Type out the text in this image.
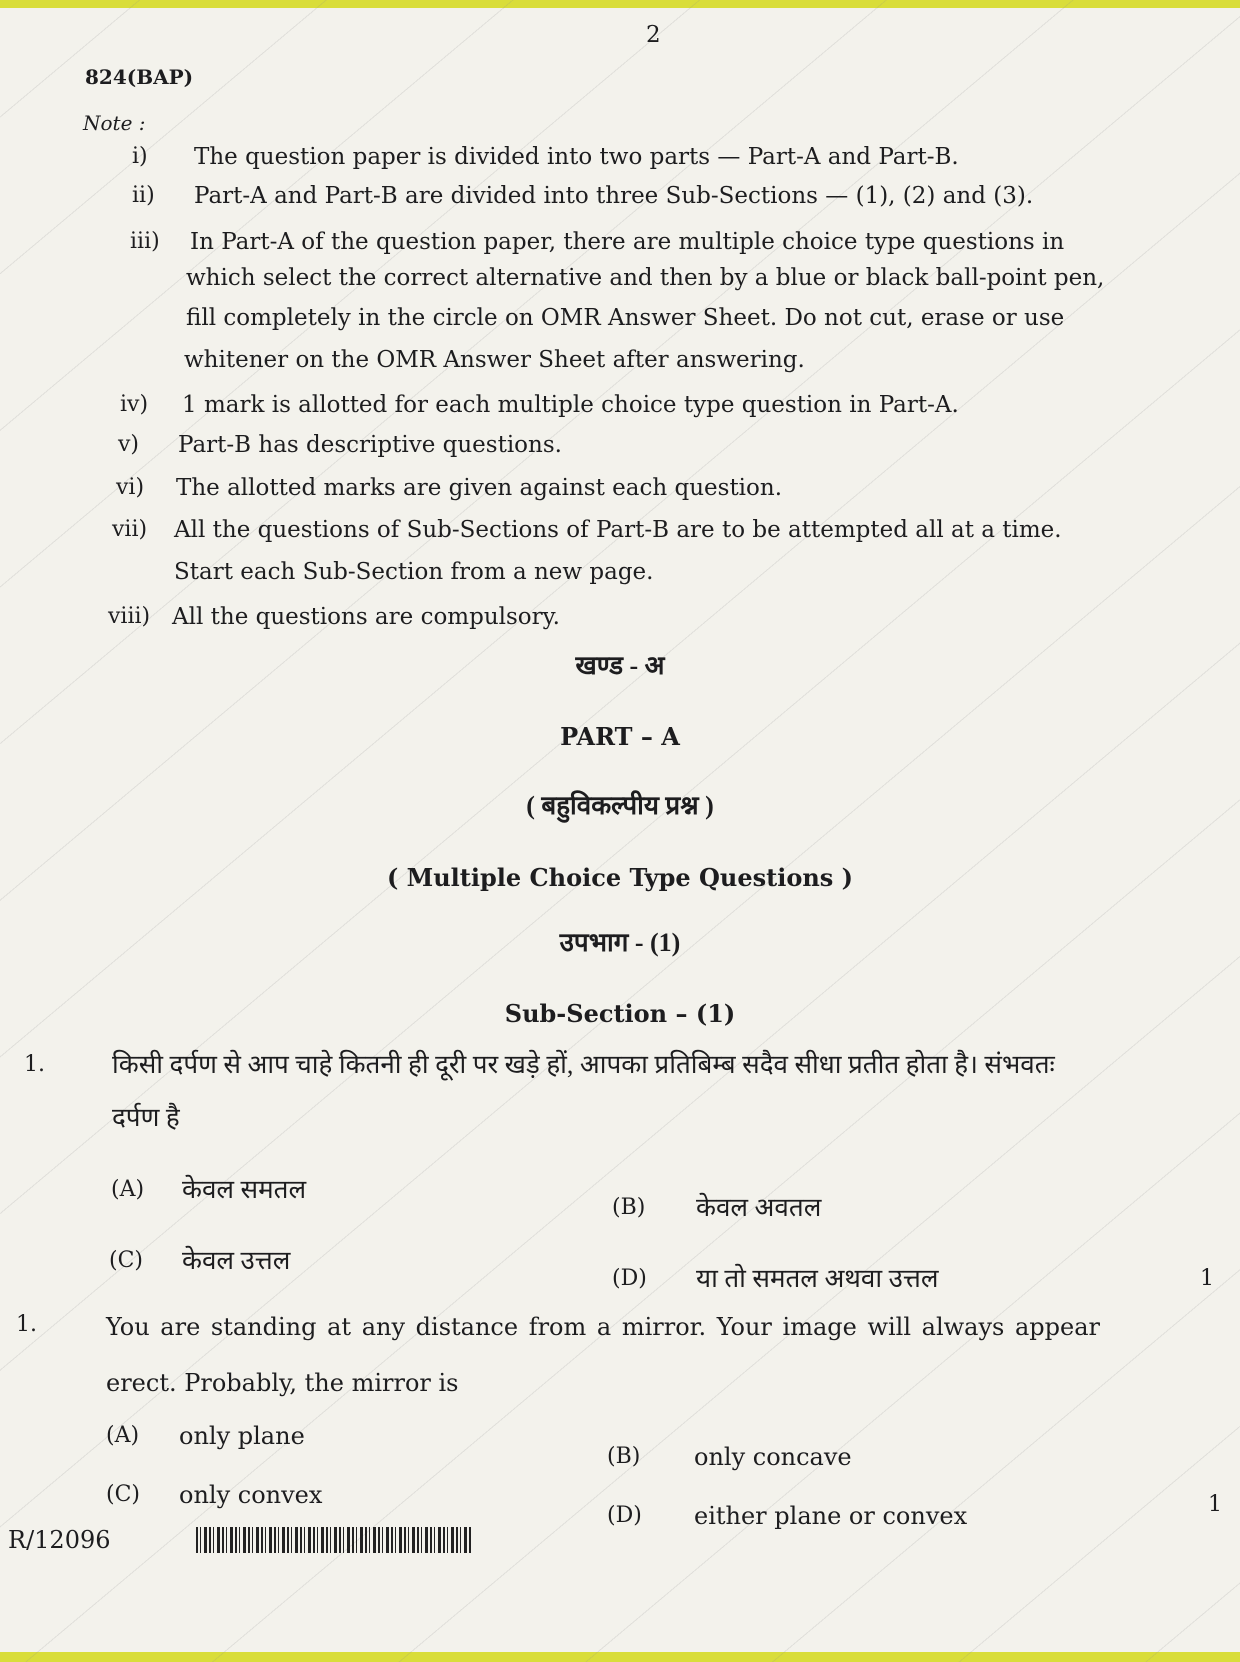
2
824(BAP)
Note :
i) The question paper is divided into two parts — Part-A and Part-B.
ii) Part-A and Part-B are divided into three Sub-Sections — (1), (2) and (3).
iii) In Part-A of the question paper, there are multiple choice type questions in
which select the correct alternative and then by a blue or black ball-point pen,
fill completely in the circle on OMR Answer Sheet. Do not cut, erase or use
whitener on the OMR Answer Sheet after answering.
iv) 1 mark is allotted for each multiple choice type question in Part-A.
v) Part-B has descriptive questions.
vi) The allotted marks are given against each question.
vii) All the questions of Sub-Sections of Part-B are to be attempted all at a time.
Start each Sub-Section from a new page.
viii) All the questions are compulsory.
खण्ड - अ
PART – A
( बहुविकल्पीय प्रश्न )
( Multiple Choice Type Questions )
उपभाग - (1)
Sub-Section – (1)
1.	किसी दर्पण से आप चाहे कितनी ही दूरी पर खड़े हों, आपका प्रतिबिम्ब सदैव सीधा प्रतीत होता है। संभवतः
दर्पण है
(A) केवल समतल
(B) केवल अवतल
(C) केवल उत्तल
(D) या तो समतल अथवा उत्तल	1
1.	You are standing at any distance from a mirror. Your image will always appear
erect. Probably, the mirror is
(A) only plane
(B) only concave
(C) only convex
(D) either plane or convex	1
R/12096
